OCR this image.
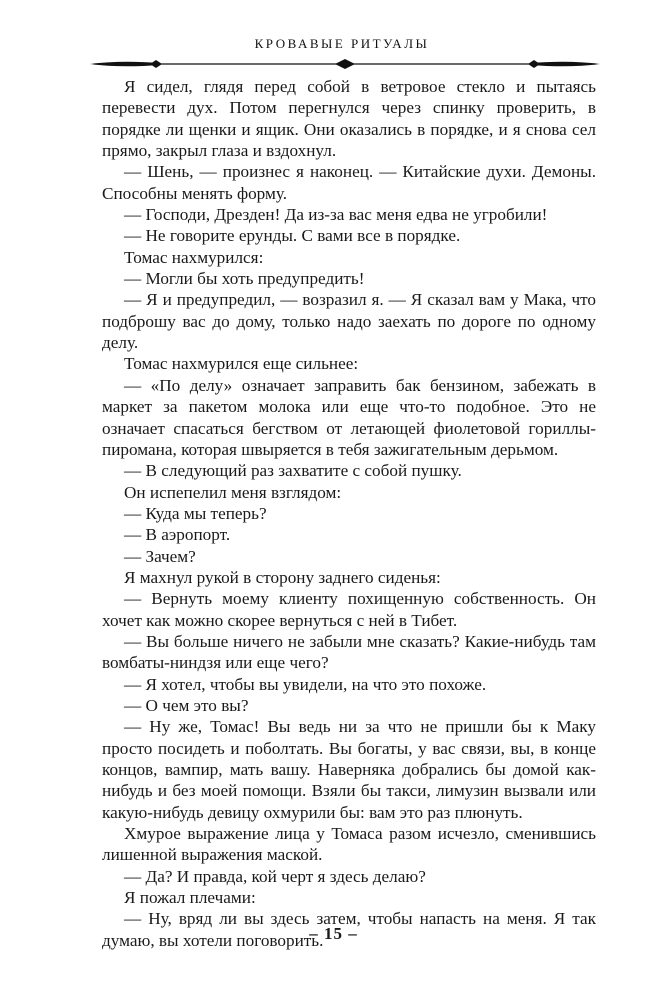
КРОВАВЫЕ РИТУАЛЫ

Я сидел, глядя перед собой в ветровое стекло и пытаясь перевести дух. Потом перегнулся через спинку проверить, в порядке ли щенки и ящик. Они оказались в порядке, и я снова сел прямо, закрыл глаза и вздохнул.

— Шень, — произнес я наконец. — Китайские духи. Демоны. Способны менять форму.

— Господи, Дрезден! Да из-за вас меня едва не угробили!

— Не говорите ерунды. С вами все в порядке.

Томас нахмурился:

— Могли бы хоть предупредить!

— Я и предупредил, — возразил я. — Я сказал вам у Мака, что подброшу вас до дому, только надо заехать по дороге по одному делу.

Томас нахмурился еще сильнее:

— «По делу» означает заправить бак бензином, забежать в маркет за пакетом молока или еще что-то подобное. Это не означает спасаться бегством от летающей фиолетовой гориллы-пиромана, которая швыряется в тебя зажигательным дерьмом.

— В следующий раз захватите с собой пушку.

Он испепелил меня взглядом:

— Куда мы теперь?

— В аэропорт.

— Зачем?

Я махнул рукой в сторону заднего сиденья:

— Вернуть моему клиенту похищенную собственность. Он хочет как можно скорее вернуться с ней в Тибет.

— Вы больше ничего не забыли мне сказать? Какие-нибудь там вомбаты-ниндзя или еще чего?

— Я хотел, чтобы вы увидели, на что это похоже.

— О чем это вы?

— Ну же, Томас! Вы ведь ни за что не пришли бы к Маку просто посидеть и поболтать. Вы богаты, у вас связи, вы, в конце концов, вампир, мать вашу. Наверняка добрались бы домой как-нибудь и без моей помощи. Взяли бы такси, лимузин вызвали или какую-нибудь девицу охмурили бы: вам это раз плюнуть.

Хмурое выражение лица у Томаса разом исчезло, сменившись лишенной выражения маской.

— Да? И правда, кой черт я здесь делаю?

Я пожал плечами:

— Ну, вряд ли вы здесь затем, чтобы напасть на меня. Я так думаю, вы хотели поговорить.

– 15 –
